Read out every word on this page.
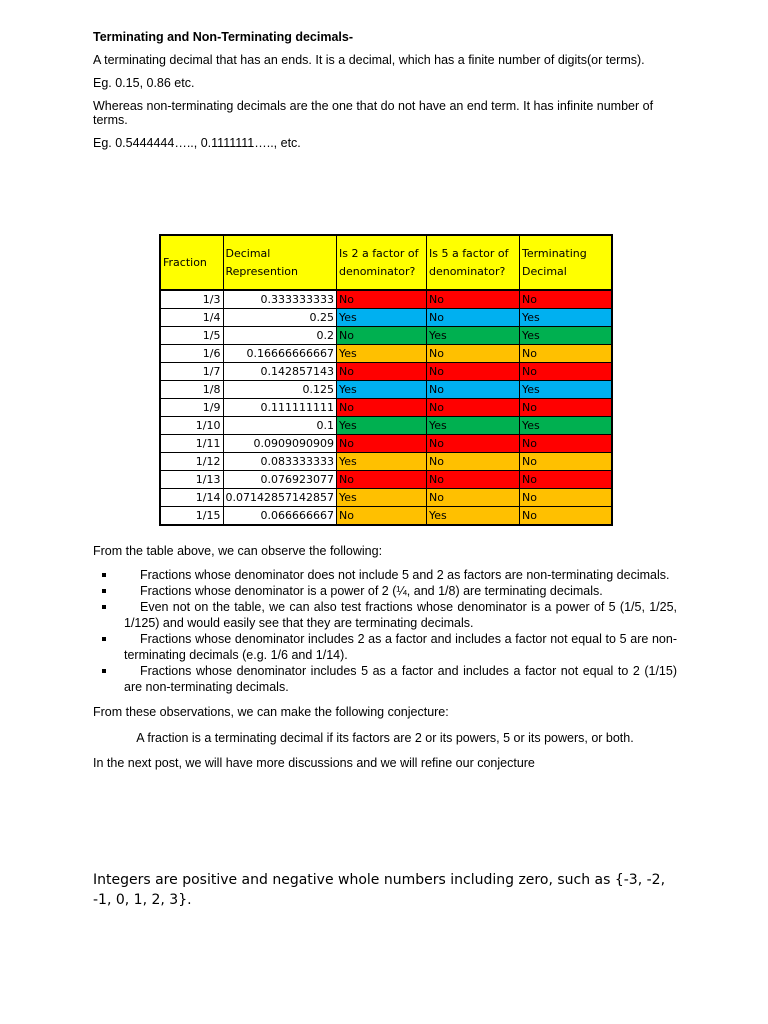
Terminating and Non-Terminating decimals-

A terminating decimal that has an ends. It is a decimal, which has a finite number of digits(or terms).

Eg. 0.15, 0.86 etc.

Whereas non-terminating decimals are the one that do not have an end term. It has infinite number of terms.

Eg. 0.5444444….., 0.1111111….., etc.

Fraction	Decimal Represention	Is 2 a factor of denominator?	Is 5 a factor of denominator?	Terminating Decimal
1/3	0.333333333	No	No	No
1/4	0.25	Yes	No	Yes
1/5	0.2	No	Yes	Yes
1/6	0.16666666667	Yes	No	No
1/7	0.142857143	No	No	No
1/8	0.125	Yes	No	Yes
1/9	0.111111111	No	No	No
1/10	0.1	Yes	Yes	Yes
1/11	0.0909090909	No	No	No
1/12	0.083333333	Yes	No	No
1/13	0.076923077	No	No	No
1/14	0.07142857142857	Yes	No	No
1/15	0.066666667	No	Yes	No

From the table above, we can observe the following:

Fractions whose denominator does not include 5 and 2 as factors are non-terminating decimals.
Fractions whose denominator is a power of 2 (¼, and 1/8) are terminating decimals.
Even not on the table, we can also test fractions whose denominator is a power of 5 (1/5, 1/25, 1/125) and would easily see that they are terminating decimals.
Fractions whose denominator includes 2 as a factor and includes a factor not equal to 5 are non-terminating decimals (e.g. 1/6 and 1/14).
Fractions whose denominator includes 5 as a factor and includes a factor not equal to 2 (1/15) are non-terminating decimals.

From these observations, we can make the following conjecture:

A fraction is a terminating decimal if its factors are 2 or its powers, 5 or its powers, or both.

In the next post, we will have more discussions and we will refine our conjecture

Integers are positive and negative whole numbers including zero, such as {-3, -2, -1, 0, 1, 2, 3}.
